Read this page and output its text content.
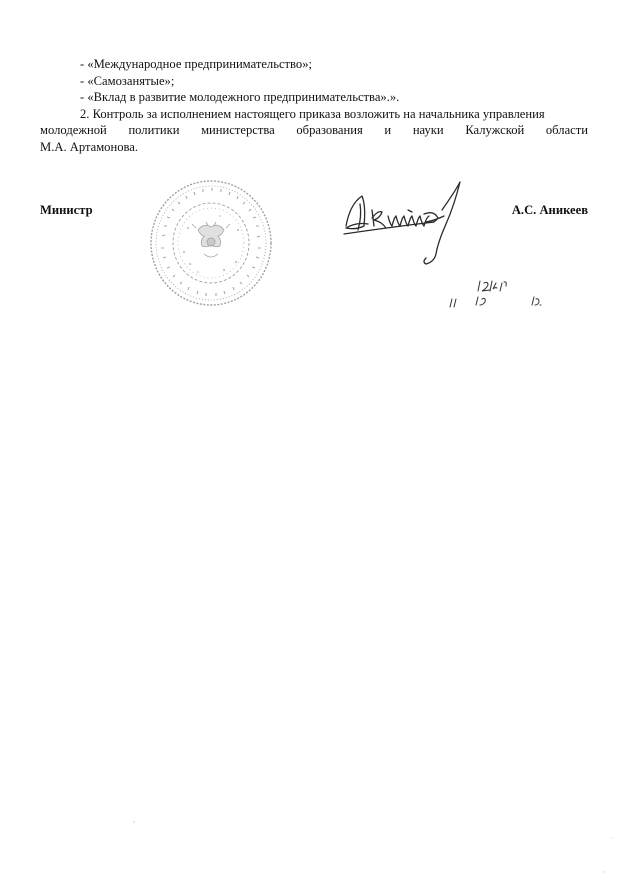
- «Международное предпринимательство»;

- «Самозанятые»;

- «Вклад в развитие молодежного предпринимательства».».

2. Контроль за исполнением настоящего приказа возложить на начальника управления

молодежной политики министерства образования и науки Калужской области

М.А. Артамонова.

Министр	А.С. Аникеев
